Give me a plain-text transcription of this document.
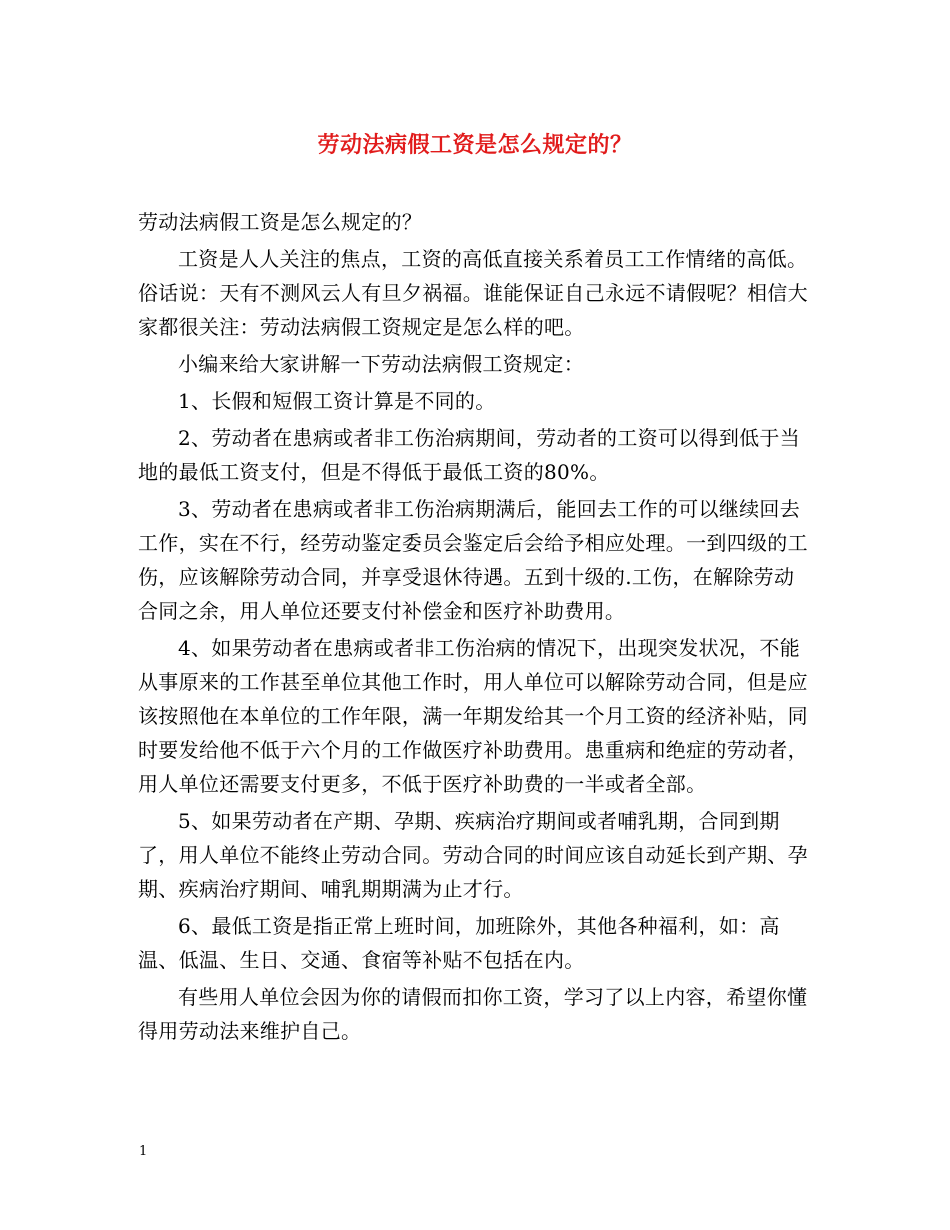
劳动法病假工资是怎么规定的？

劳动法病假工资是怎么规定的？

工资是人人关注的焦点，工资的高低直接关系着员工工作情绪的高低。俗话说：天有不测风云人有旦夕祸福。谁能保证自己永远不请假呢？相信大家都很关注：劳动法病假工资规定是怎么样的吧。

小编来给大家讲解一下劳动法病假工资规定：

1、长假和短假工资计算是不同的。

2、劳动者在患病或者非工伤治病期间，劳动者的工资可以得到低于当地的最低工资支付，但是不得低于最低工资的80%。

3、劳动者在患病或者非工伤治病期满后，能回去工作的可以继续回去工作，实在不行，经劳动鉴定委员会鉴定后会给予相应处理。一到四级的工伤，应该解除劳动合同，并享受退休待遇。五到十级的.工伤，在解除劳动合同之余，用人单位还要支付补偿金和医疗补助费用。

4、如果劳动者在患病或者非工伤治病的情况下，出现突发状况，不能从事原来的工作甚至单位其他工作时，用人单位可以解除劳动合同，但是应该按照他在本单位的工作年限，满一年期发给其一个月工资的经济补贴，同时要发给他不低于六个月的工作做医疗补助费用。患重病和绝症的劳动者，用人单位还需要支付更多，不低于医疗补助费的一半或者全部。

5、如果劳动者在产期、孕期、疾病治疗期间或者哺乳期，合同到期了，用人单位不能终止劳动合同。劳动合同的时间应该自动延长到产期、孕期、疾病治疗期间、哺乳期期满为止才行。

6、最低工资是指正常上班时间，加班除外，其他各种福利，如：高温、低温、生日、交通、食宿等补贴不包括在内。

有些用人单位会因为你的请假而扣你工资，学习了以上内容，希望你懂得用劳动法来维护自己。

1
